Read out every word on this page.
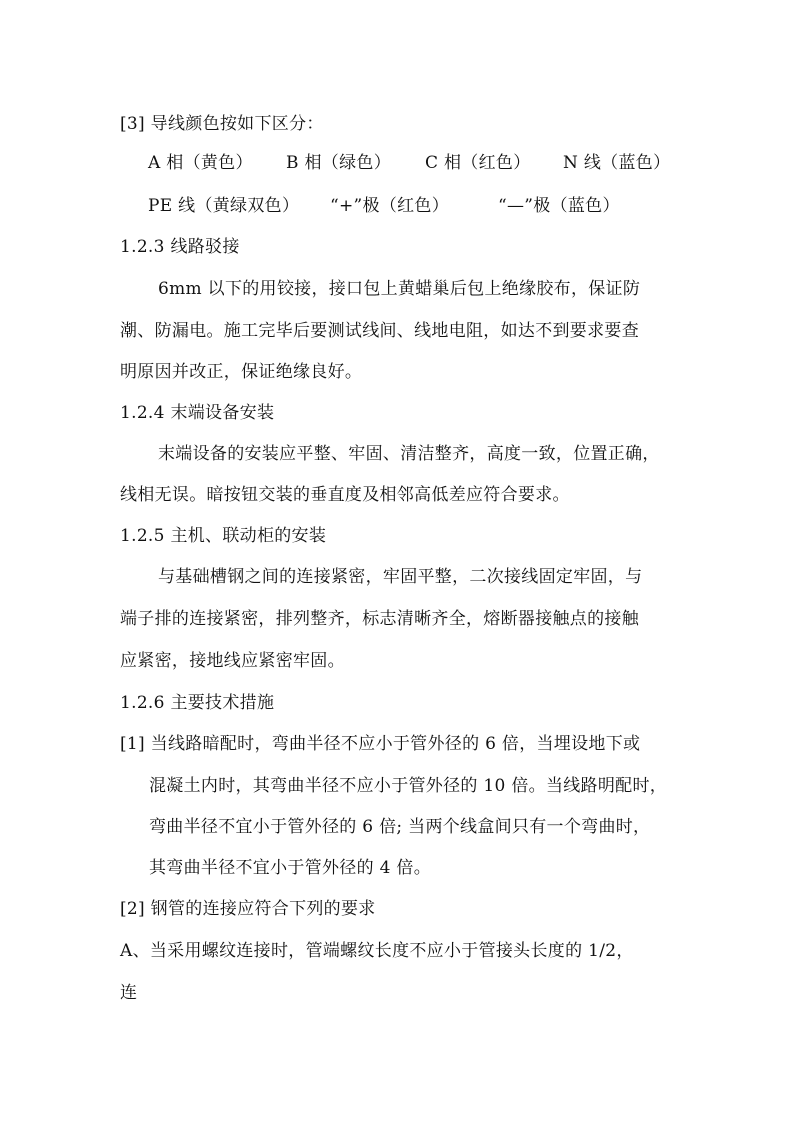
[3] 导线颜色按如下区分：
A 相（黄色） B 相（绿色） C 相（红色） N 线（蓝色）
PE 线（黄绿双色） “+”极（红色）	“—”极（蓝色）
1.2.3 线路驳接
6mm 以下的用铰接，接口包上黄蜡巢后包上绝缘胶布，保证防
潮、防漏电。施工完毕后要测试线间、线地电阻，如达不到要求要查
明原因并改正，保证绝缘良好。
1.2.4 末端设备安装
末端设备的安装应平整、牢固、清洁整齐，高度一致，位置正确，
线相无误。暗按钮交装的垂直度及相邻高低差应符合要求。
1.2.5 主机、联动柜的安装
与基础槽钢之间的连接紧密，牢固平整，二次接线固定牢固，与
端子排的连接紧密，排列整齐，标志清晰齐全，熔断器接触点的接触
应紧密，接地线应紧密牢固。
1.2.6 主要技术措施
[1] 当线路暗配时，弯曲半径不应小于管外径的 6 倍，当埋设地下或
混凝土内时，其弯曲半径不应小于管外径的 10 倍。当线路明配时，
弯曲半径不宜小于管外径的 6 倍; 当两个线盒间只有一个弯曲时，
其弯曲半径不宜小于管外径的 4 倍。
[2] 钢管的连接应符合下列的要求
A、当采用螺纹连接时，管端螺纹长度不应小于管接头长度的 1/2，
连
